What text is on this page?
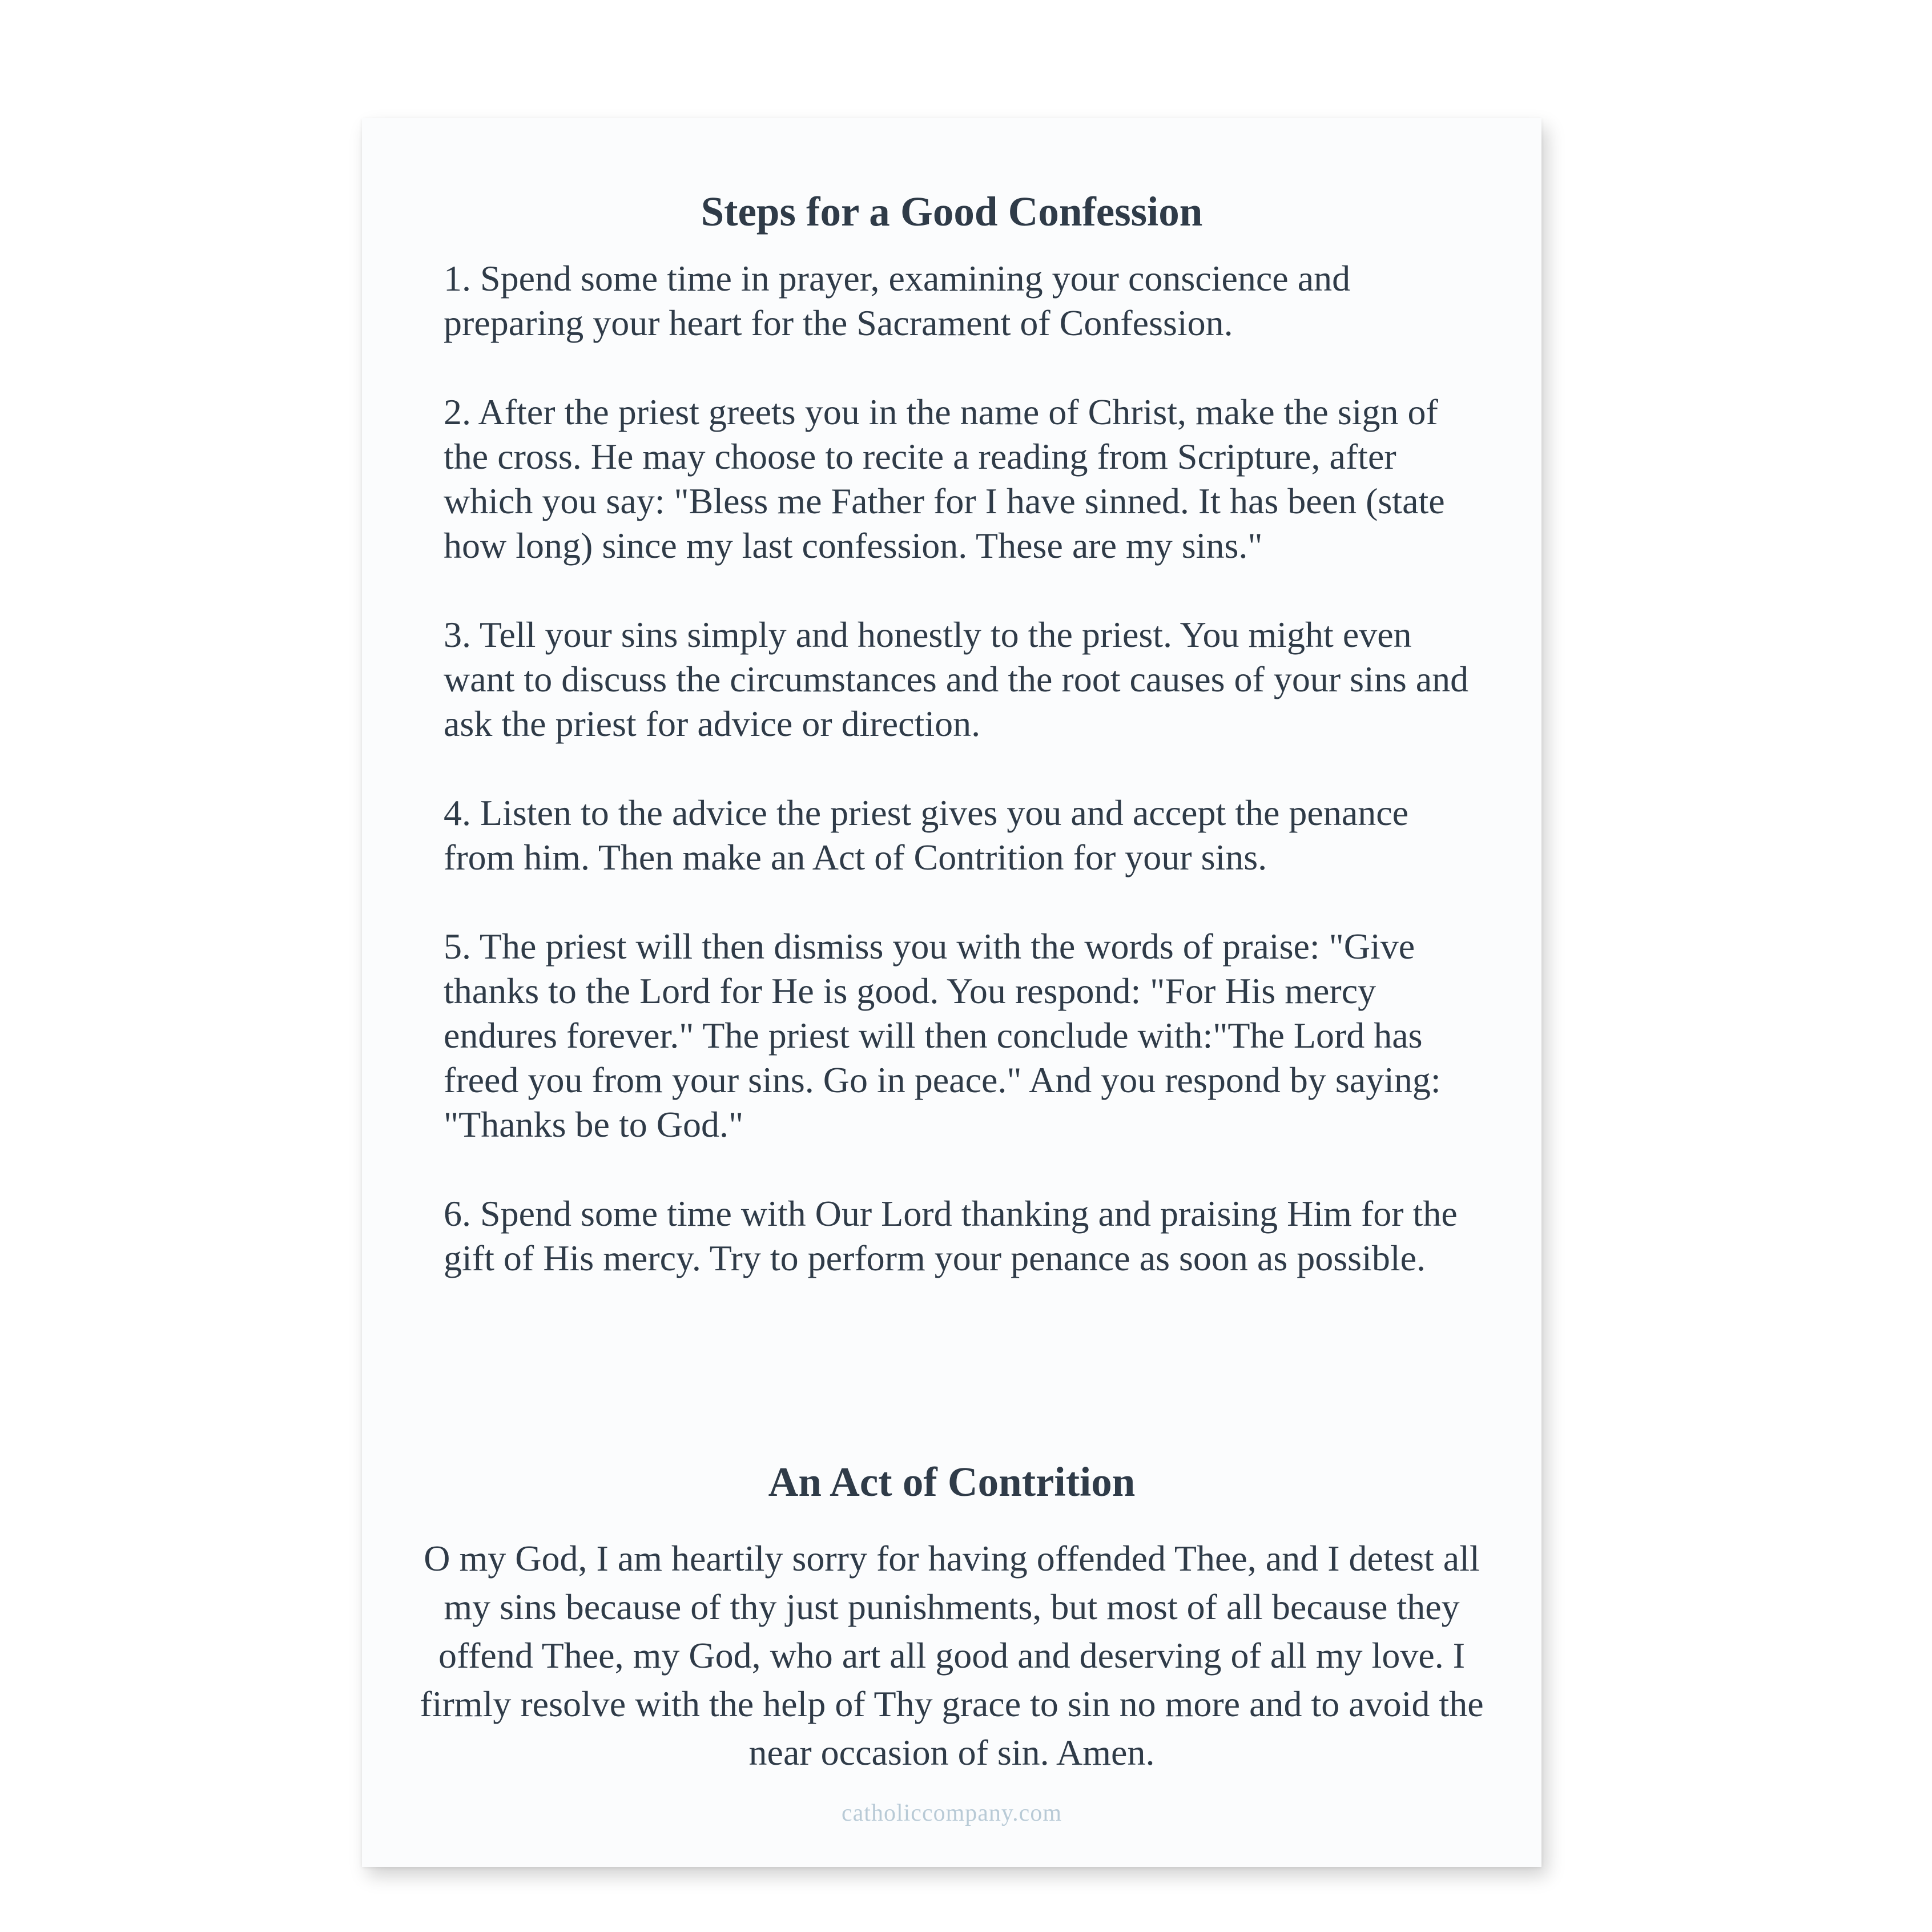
Steps for a Good Confession
1. Spend some time in prayer, examining your conscience and preparing your heart for the Sacrament of Confession.
2. After the priest greets you in the name of Christ, make the sign of the cross. He may choose to recite a reading from Scripture, after which you say: "Bless me Father for I have sinned. It has been (state how long) since my last confession. These are my sins."
3. Tell your sins simply and honestly to the priest. You might even want to discuss the circumstances and the root causes of your sins and ask the priest for advice or direction.
4. Listen to the advice the priest gives you and accept the penance from him. Then make an Act of Contrition for your sins.
5. The priest will then dismiss you with the words of praise: "Give thanks to the Lord for He is good. You respond: "For His mercy endures forever." The priest will then conclude with:"The Lord has freed you from your sins. Go in peace." And you respond by saying: "Thanks be to God."
6. Spend some time with Our Lord thanking and praising Him for the gift of His mercy. Try to perform your penance as soon as possible.
An Act of Contrition

O my God, I am heartily sorry for having offended Thee, and I detest all my sins because of thy just punishments, but most of all because they offend Thee, my God, who art all good and deserving of all my love. I firmly resolve with the help of Thy grace to sin no more and to avoid the near occasion of sin. Amen.

catholiccompany.com
